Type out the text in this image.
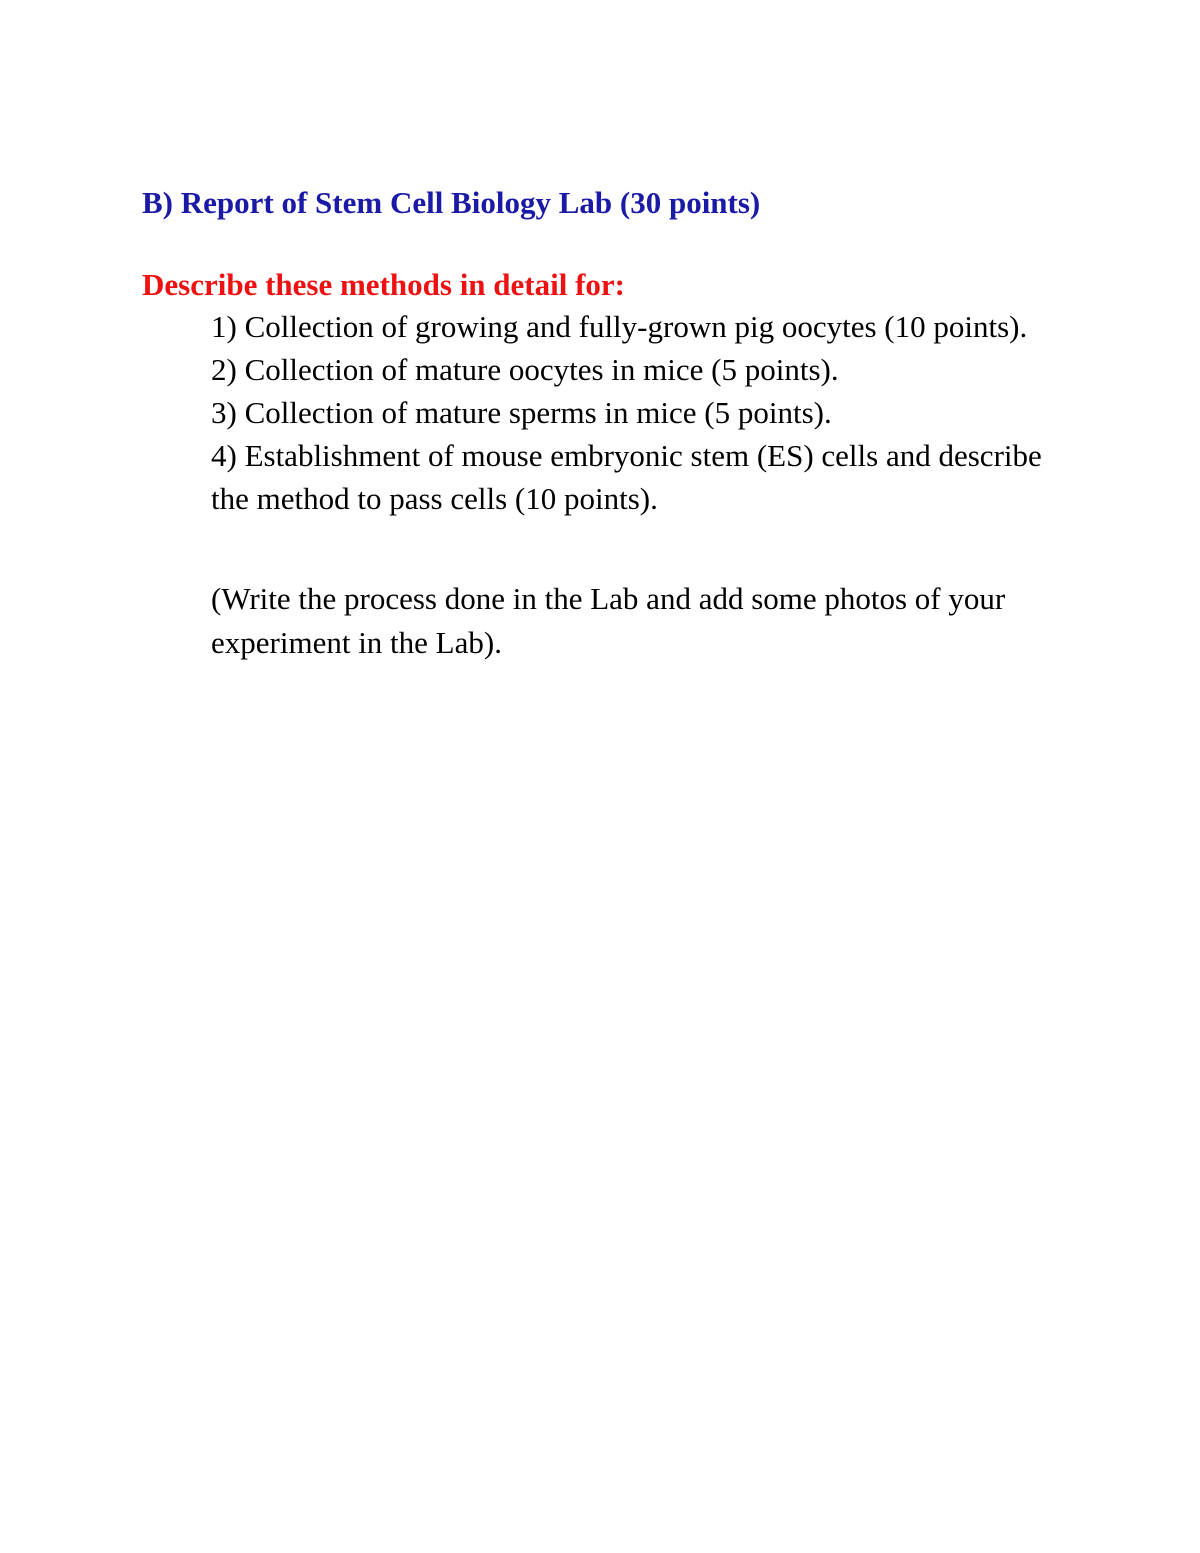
B) Report of Stem Cell Biology Lab (30 points)
Describe these methods in detail for:
1) Collection of growing and fully-grown pig oocytes (10 points).
2) Collection of mature oocytes in mice (5 points).
3) Collection of mature sperms in mice (5 points).
4) Establishment of mouse embryonic stem (ES) cells and describe the method to pass cells (10 points).

(Write the process done in the Lab and add some photos of your experiment in the Lab).
